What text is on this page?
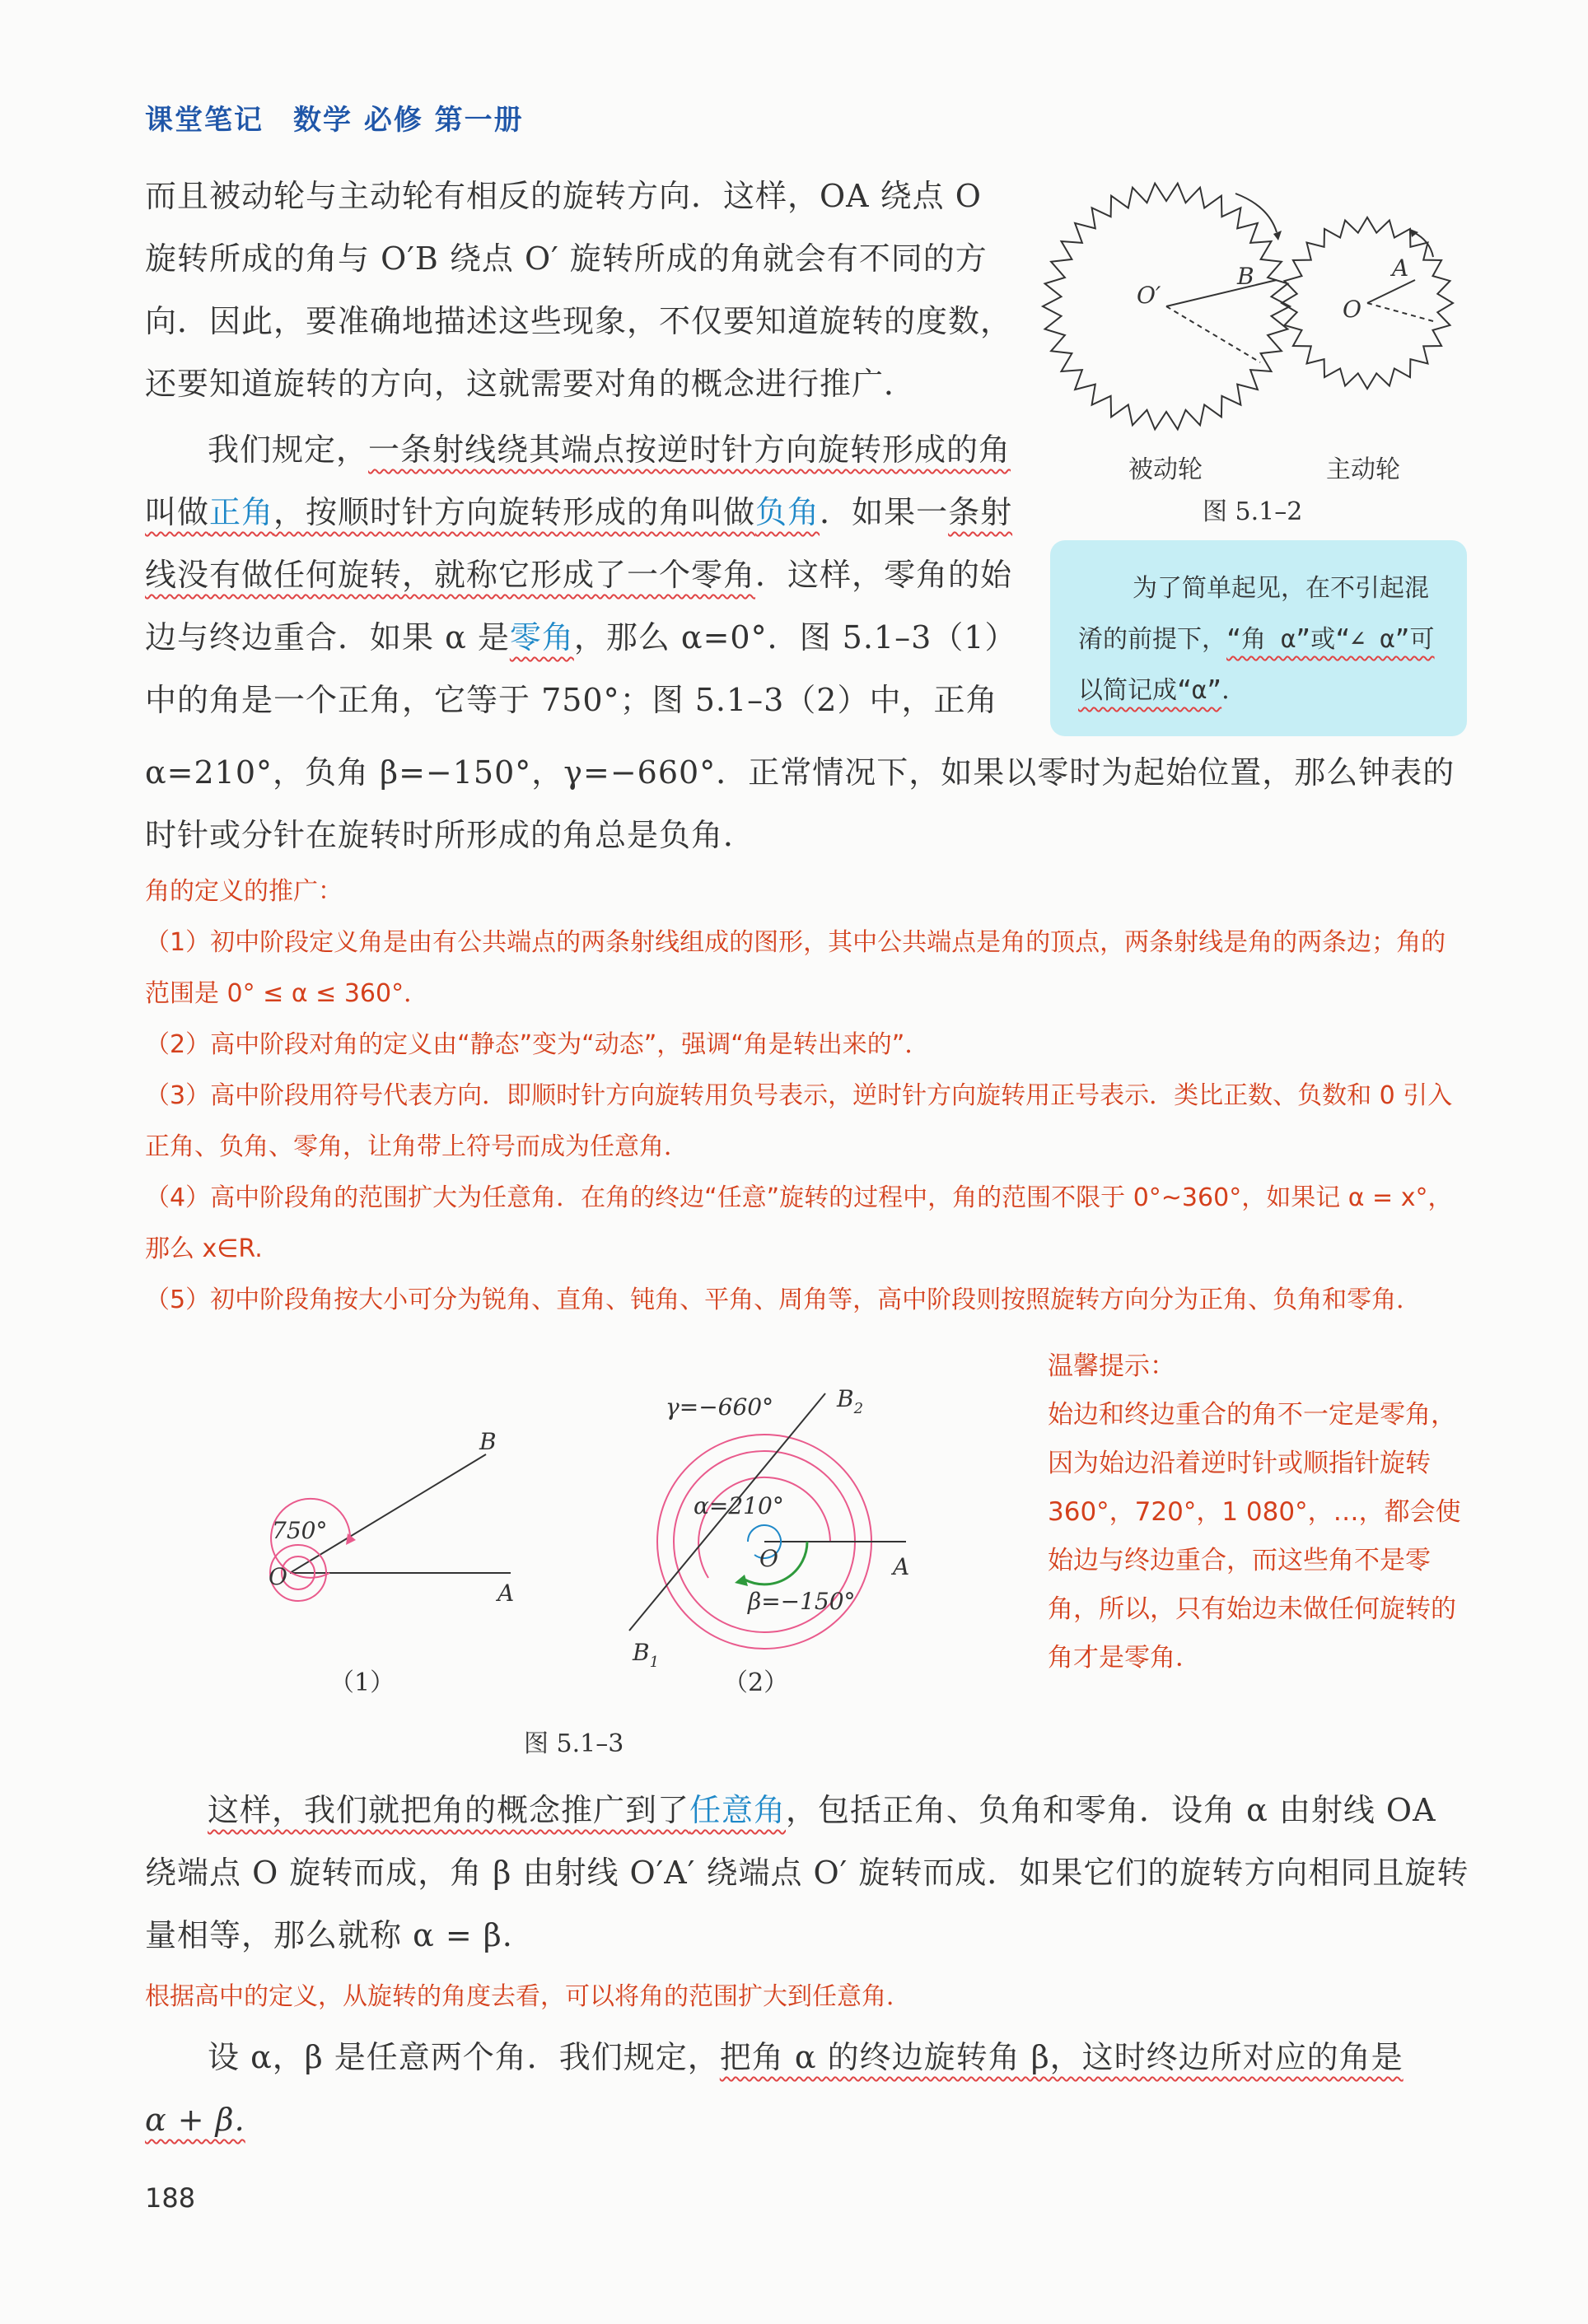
课堂笔记　数学 必修 第一册
而且被动轮与主动轮有相反的旋转方向．这样，OA 绕点 O 旋转所成的角与 O′B 绕点 O′ 旋转所成的角就会有不同的方向．因此，要准确地描述这些现象，不仅要知道旋转的度数，还要知道旋转的方向，这就需要对角的概念进行推广．
O′
B	A
O
被动轮	主动轮
图 5.1–2
我们规定，一条射线绕其端点按逆时针方向旋转形成的角叫做正角，按顺时针方向旋转形成的角叫做负角．如果一条射线没有做任何旋转，就称它形成了一个零角．这样，零角的始边与终边重合．如果 α 是零角，那么 α=0°．图 5.1–3（1）中的角是一个正角，它等于 750°；图 5.1–3（2）中，正角
α=210°，负角 β=−150°，γ=−660°．正常情况下，如果以零时为起始位置，那么钟表的时针或分针在旋转时所形成的角总是负角．
为了简单起见，在不引起混淆的前提下，“角 α”或“∠ α”可以简记成“α”．
角的定义的推广：
（1）初中阶段定义角是由有公共端点的两条射线组成的图形，其中公共端点是角的顶点，两条射线是角的两条边；角的范围是 0° ≤ α ≤ 360°．
（2）高中阶段对角的定义由“静态”变为“动态”，强调“角是转出来的”．
（3）高中阶段用符号代表方向．即顺时针方向旋转用负号表示，逆时针方向旋转用正号表示．类比正数、负数和 0 引入正角、负角、零角，让角带上符号而成为任意角．
（4）高中阶段角的范围扩大为任意角．在角的终边“任意”旋转的过程中，角的范围不限于 0°~360°，如果记 α = x°，那么 x∈R.
（5）初中阶段角按大小可分为锐角、直角、钝角、平角、周角等，高中阶段则按照旋转方向分为正角、负角和零角．
750°
O
A
B
（1）
γ=−660°
α=210°
β=−150°
O	A
$B_2$
$B_1$
（2）
图 5.1–3
温馨提示：
始边和终边重合的角不一定是零角，因为始边沿着逆时针或顺指针旋转 360°，720°，1 080°，…，都会使始边与终边重合，而这些角不是零角，所以，只有始边未做任何旋转的角才是零角．
这样，我们就把角的概念推广到了任意角，包括正角、负角和零角．设角 α 由射线 OA 绕端点 O 旋转而成，角 β 由射线 O′A′ 绕端点 O′ 旋转而成．如果它们的旋转方向相同且旋转量相等，那么就称 α = β.
根据高中的定义，从旋转的角度去看，可以将角的范围扩大到任意角．
设 α，β 是任意两个角．我们规定，把角 α 的终边旋转角 β，这时终边所对应的角是
α + β.
188
